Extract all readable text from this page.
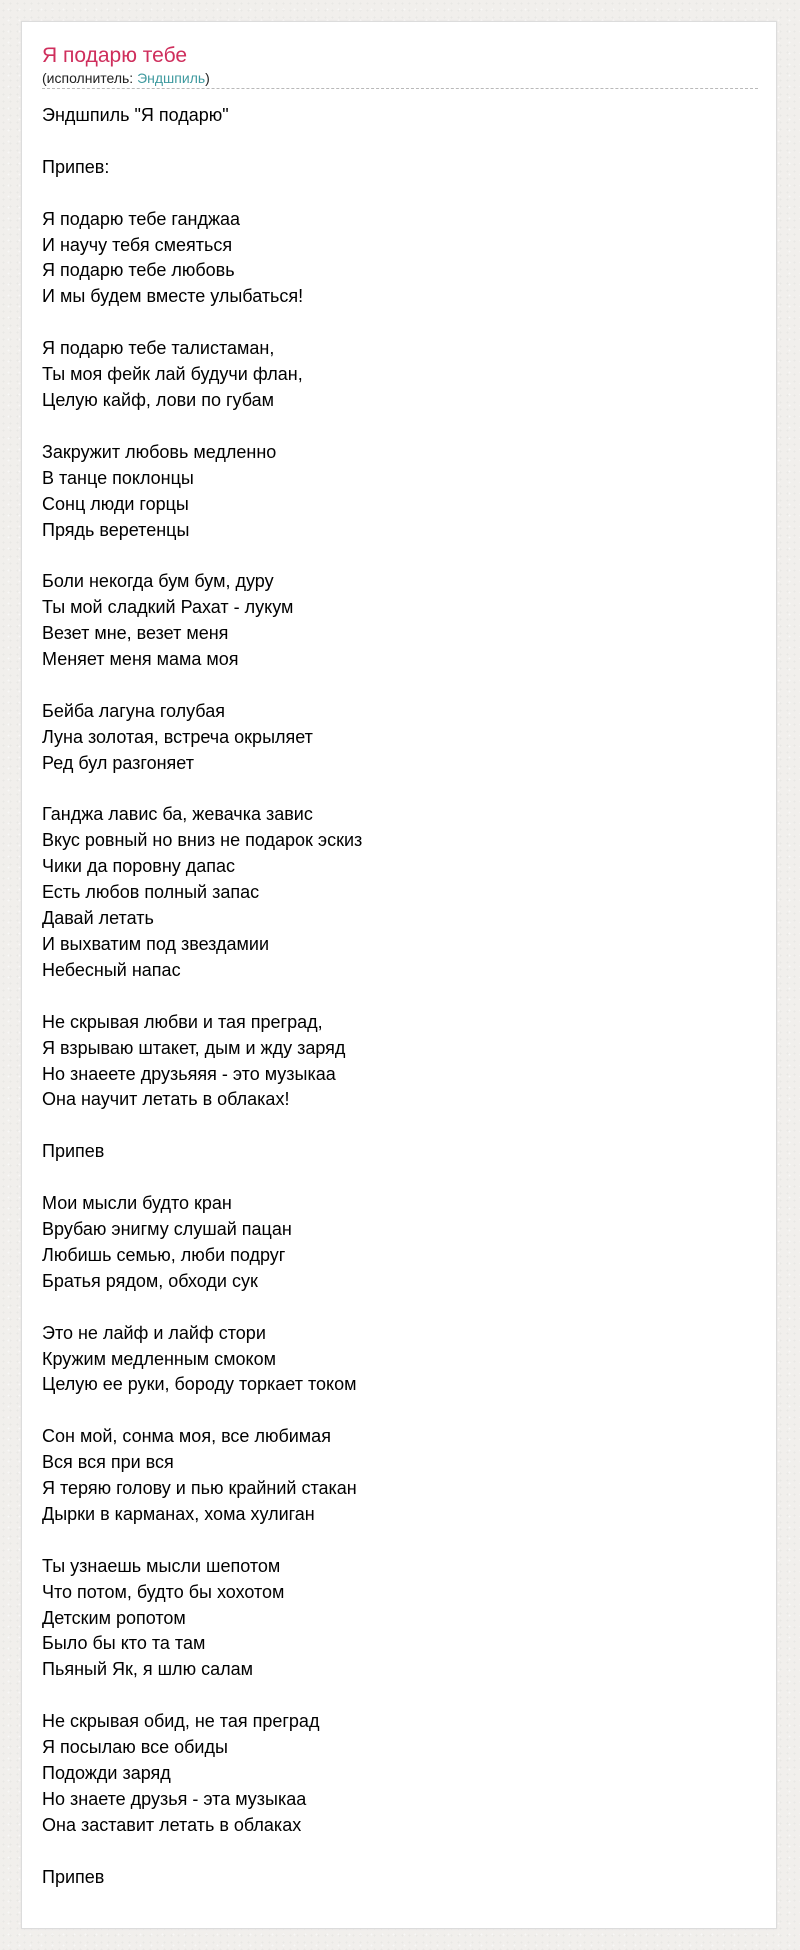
Я подарю тебе
(исполнитель: Эндшпиль)
Эндшпиль "Я подарю"

Припев:

Я подарю тебе ганджаа
И научу тебя смеяться
Я подарю тебе любовь
И мы будем вместе улыбаться!

Я подарю тебе талистаман,
Ты моя фейк лай будучи флан,
Целую кайф, лови по губам

Закружит любовь медленно
В танце поклонцы
Сонц люди горцы
Прядь веретенцы

Боли некогда бум бум, дуру
Ты мой сладкий Рахат - лукум
Везет мне, везет меня
Меняет меня мама моя

Бейба лагуна голубая
Луна золотая, встреча окрыляет
Ред бул разгоняет

Ганджа лавис ба, жевачка завис
Вкус ровный но вниз не подарок эскиз
Чики да поровну дапас
Есть любов полный запас
Давай летать
И выхватим под звездамии
Небесный напас

Не скрывая любви и тая преград,
Я взрываю штакет, дым и жду заряд
Но знаеете друзьяяя - это музыкаа
Она научит летать в облаках!

Припев

Мои мысли будто кран
Врубаю энигму слушай пацан
Любишь семью, люби подруг
Братья рядом, обходи сук

Это не лайф и лайф стори
Кружим медленным смоком
Целую ее руки, бороду торкает током

Сон мой, сонма моя, все любимая
Вся вся при вся
Я теряю голову и пью крайний стакан
Дырки в карманах, хома хулиган

Ты узнаешь мысли шепотом
Что потом, будто бы хохотом
Детским ропотом
Было бы кто та там
Пьяный Як, я шлю салам

Не скрывая обид, не тая преград
Я посылаю все обиды
Подожди заряд
Но знаете друзья - эта музыкаа
Она заставит летать в облаках

Припев
